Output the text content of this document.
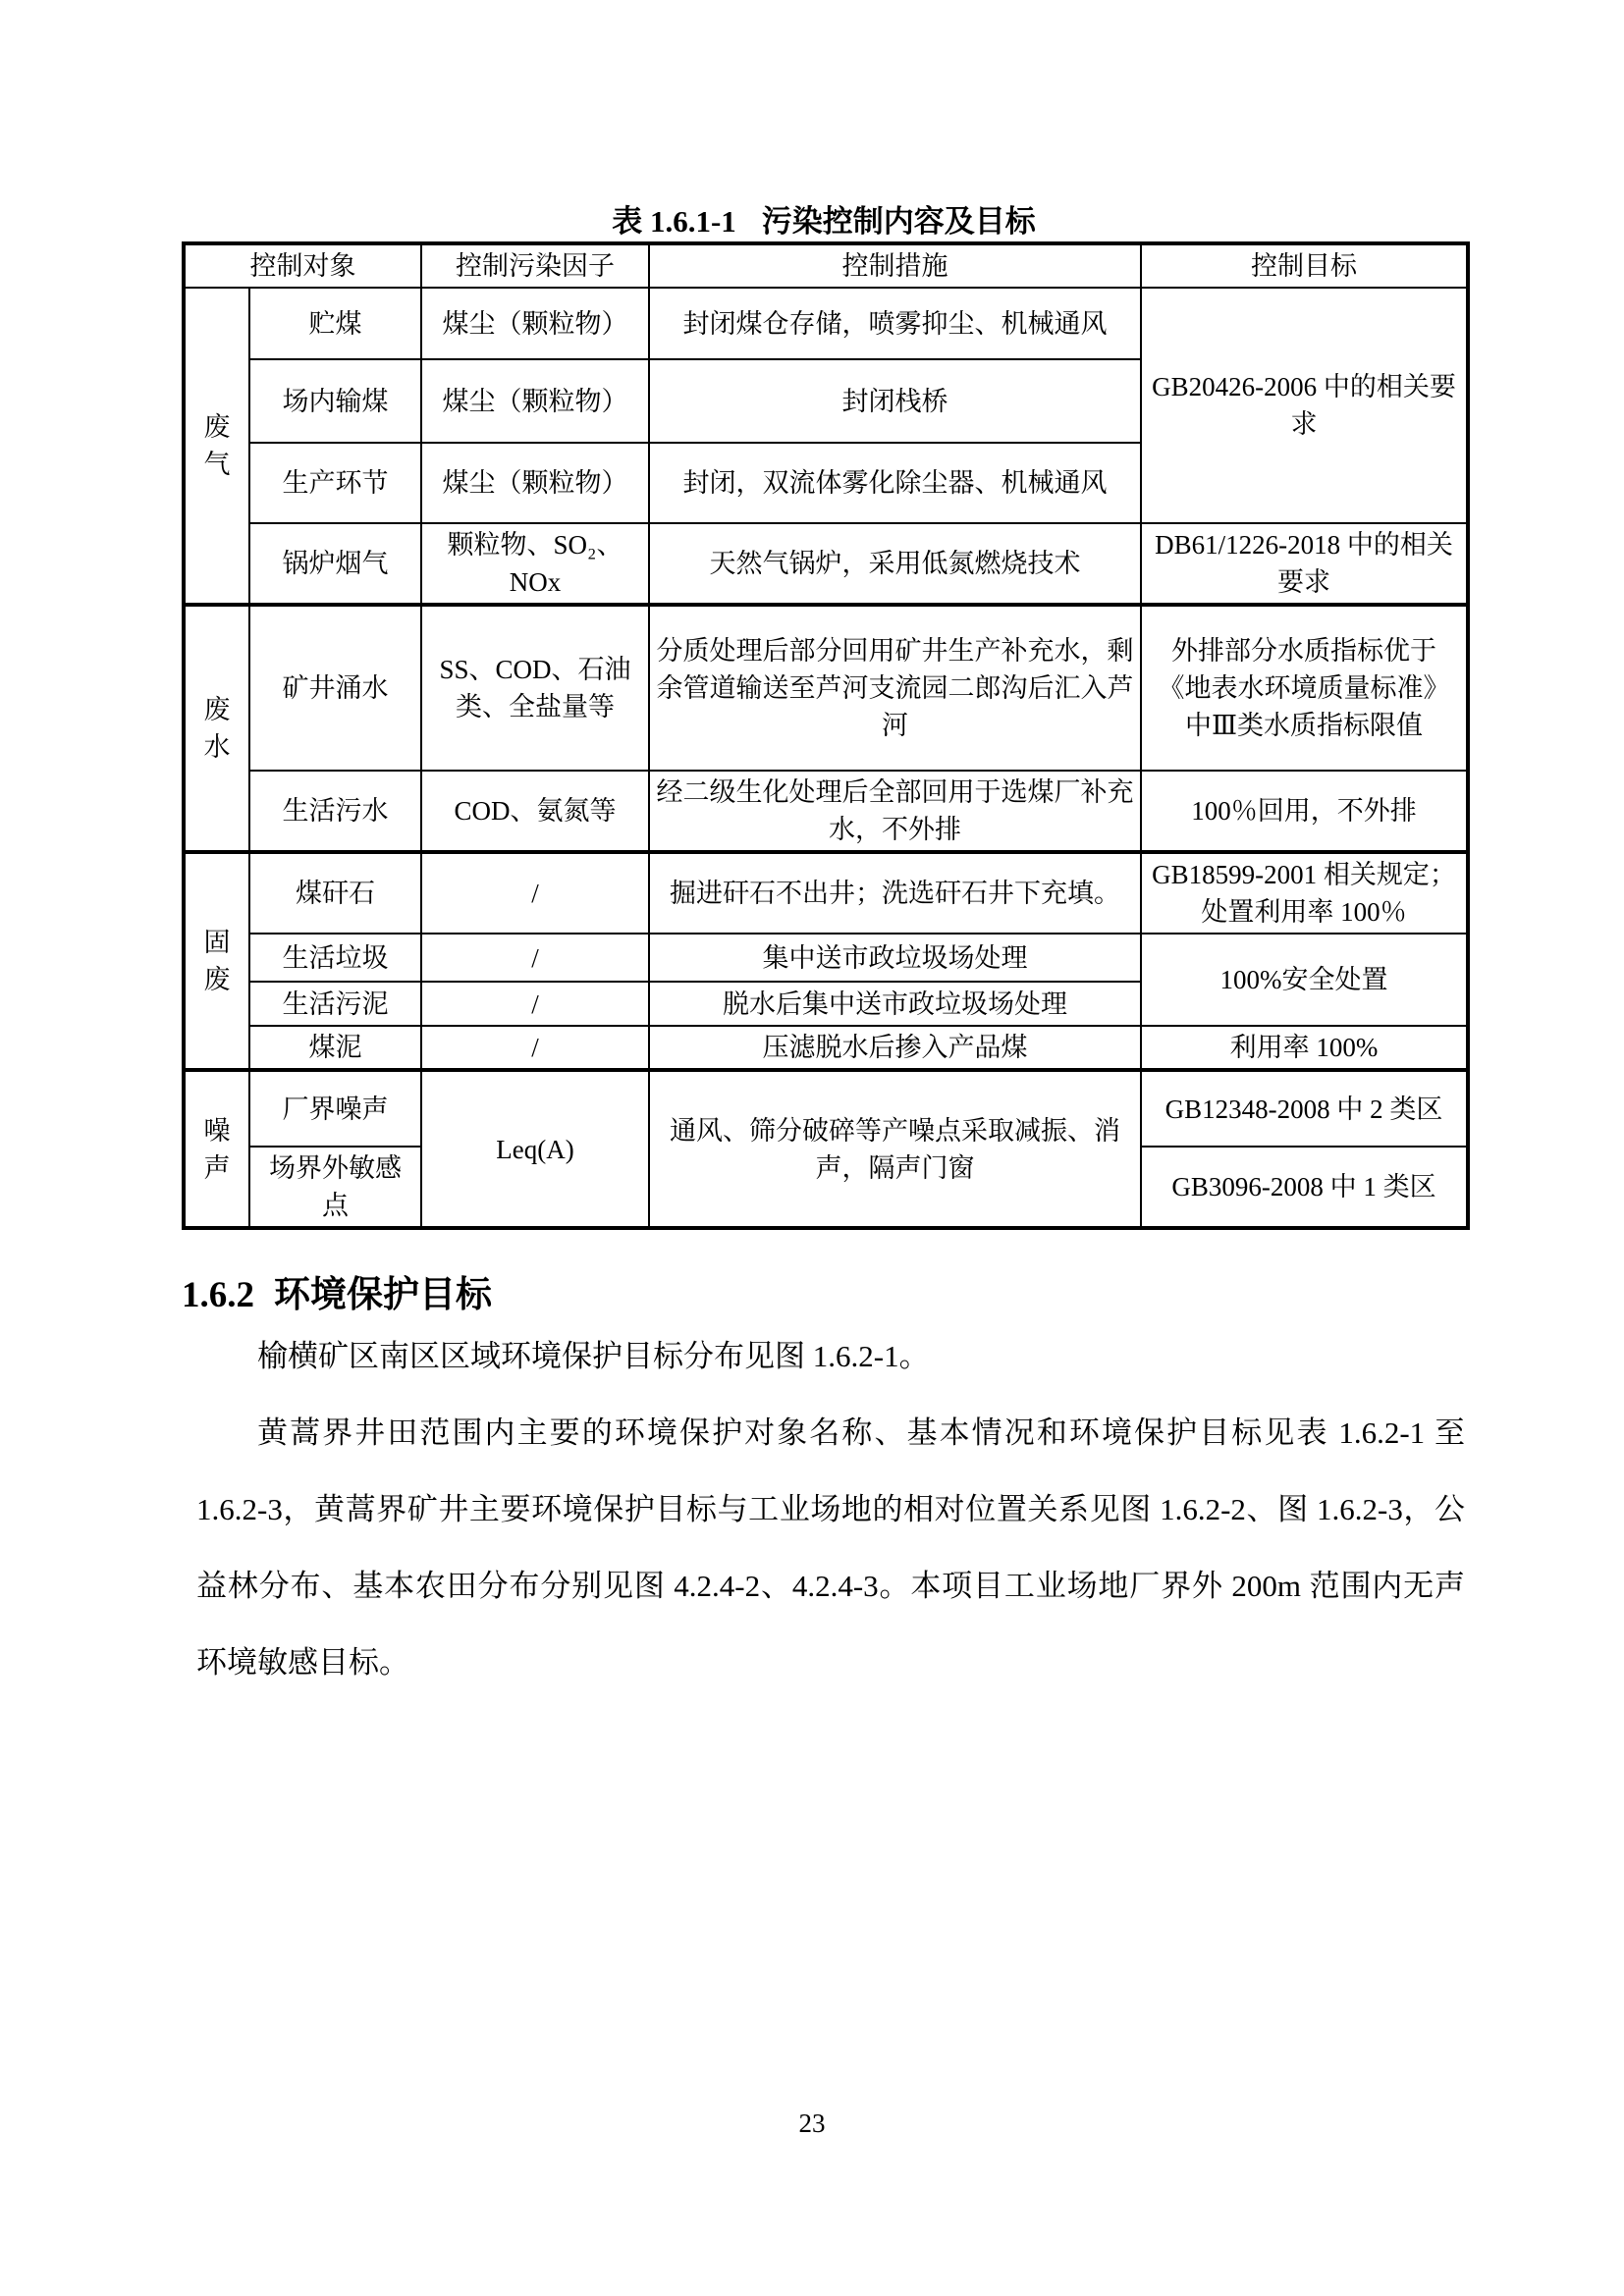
表 1.6.1-1 污染控制内容及目标
控制对象		控制污染因子	控制措施	控制目标
废气	贮煤	煤尘（颗粒物）	封闭煤仓存储，喷雾抑尘、机械通风	GB20426-2006 中的相关要求
	场内输煤	煤尘（颗粒物）	封闭栈桥	
	生产环节	煤尘（颗粒物）	封闭，双流体雾化除尘器、机械通风	
	锅炉烟气	颗粒物、SO₂、NOx	天然气锅炉，采用低氮燃烧技术	DB61/1226-2018 中的相关要求
废水	矿井涌水	SS、COD、石油类、全盐量等	分质处理后部分回用矿井生产补充水，剩余管道输送至芦河支流园二郎沟后汇入芦河	外排部分水质指标优于《地表水环境质量标准》中Ⅲ类水质指标限值
	生活污水	COD、氨氮等	经二级生化处理后全部回用于选煤厂补充水，不外排	100％回用，不外排
固废	煤矸石	/	掘进矸石不出井；洗选矸石井下充填。	GB18599-2001 相关规定；处置利用率 100％
	生活垃圾	/	集中送市政垃圾场处理	100%安全处置
	生活污泥	/	脱水后集中送市政垃圾场处理	
	煤泥	/	压滤脱水后掺入产品煤	利用率 100%
噪声	厂界噪声	Leq(A)	通风、筛分破碎等产噪点采取减振、消声，隔声门窗	GB12348-2008 中 2 类区
	场界外敏感点			GB3096-2008 中 1 类区
1.6.2 环境保护目标

榆横矿区南区区域环境保护目标分布见图 1.6.2-1。

黄蒿界井田范围内主要的环境保护对象名称、基本情况和环境保护目标见表 1.6.2-1 至 1.6.2-3，黄蒿界矿井主要环境保护目标与工业场地的相对位置关系见图 1.6.2-2、图 1.6.2-3，公益林分布、基本农田分布分别见图 4.2.4-2、4.2.4-3。本项目工业场地厂界外 200m 范围内无声环境敏感目标。

23
